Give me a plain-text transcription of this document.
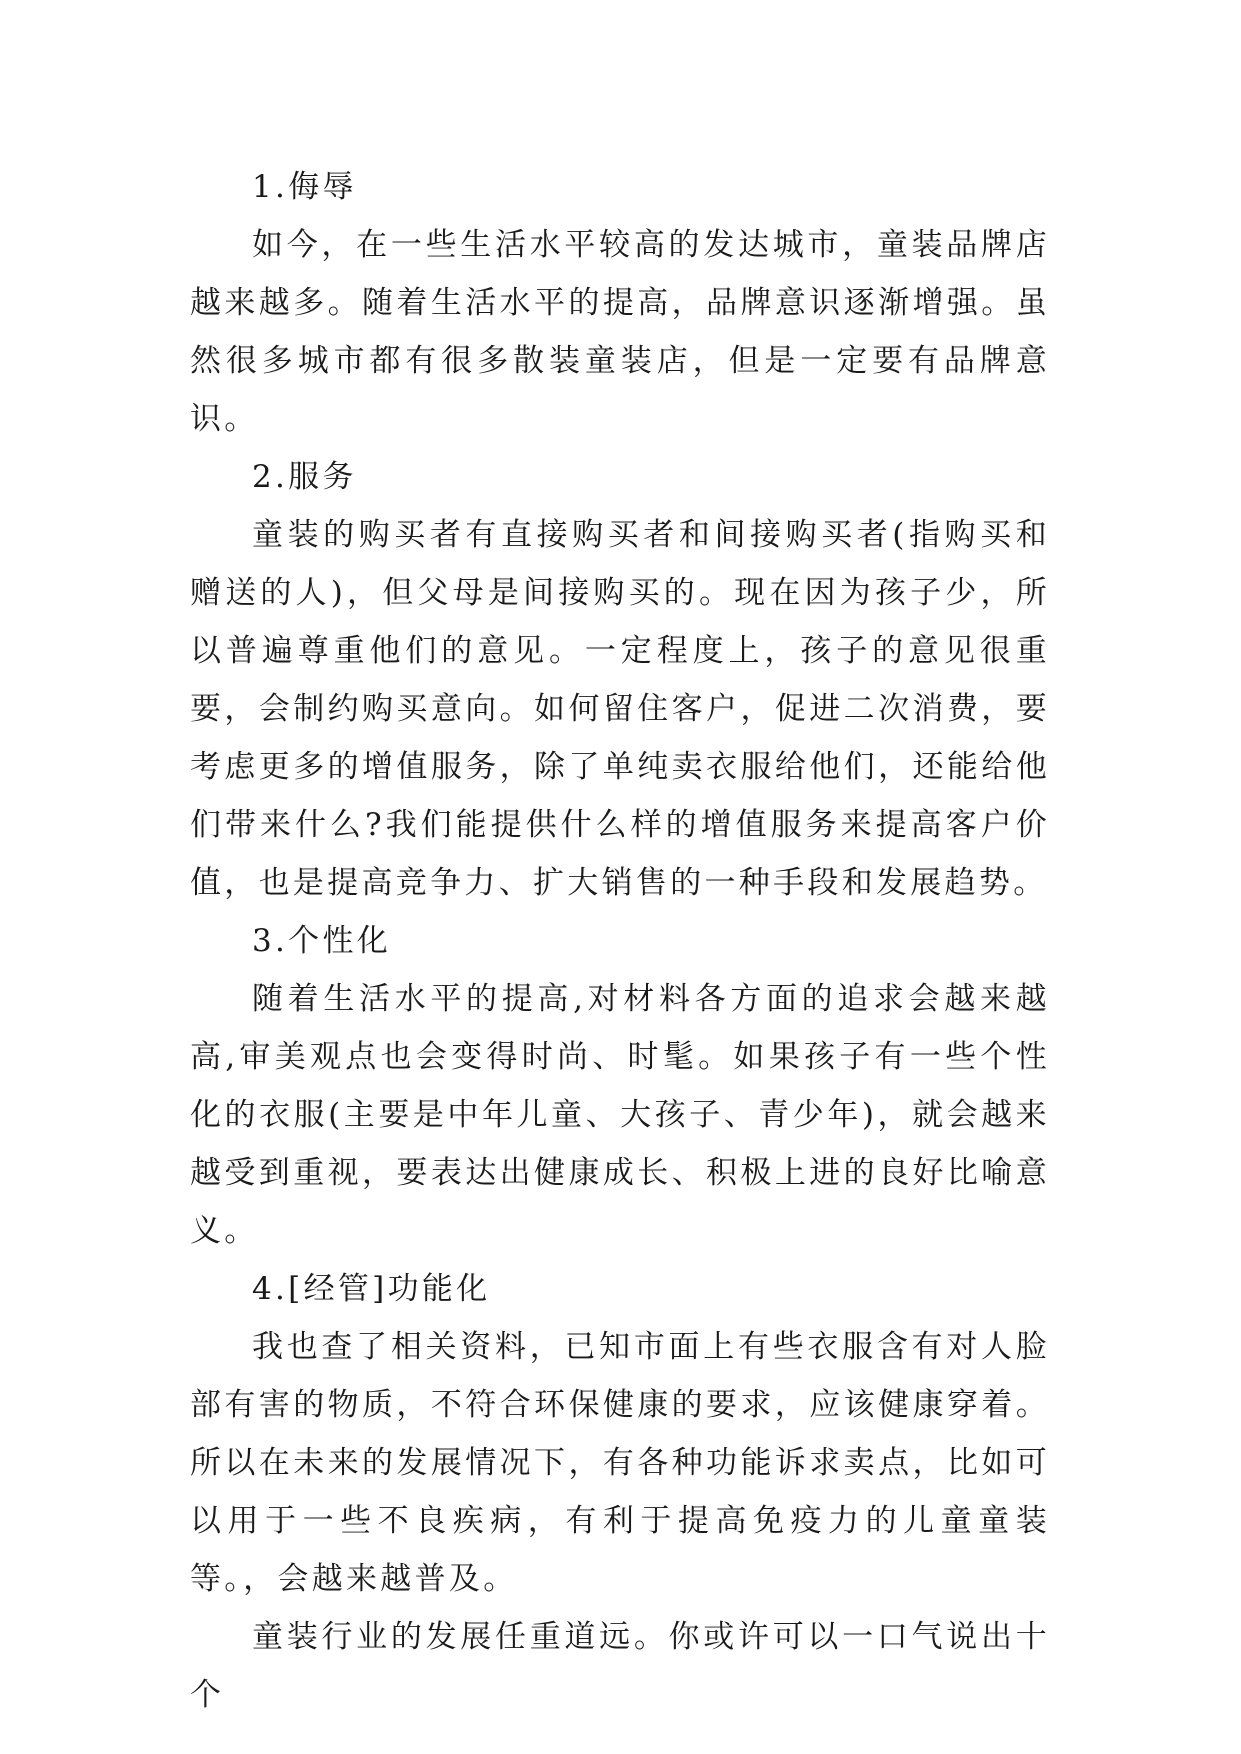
1.侮辱

如今，在一些生活水平较高的发达城市，童装品牌店越来越多。随着生活水平的提高，品牌意识逐渐增强。虽然很多城市都有很多散装童装店，但是一定要有品牌意识。

2.服务

童装的购买者有直接购买者和间接购买者(指购买和赠送的人)，但父母是间接购买的。现在因为孩子少，所以普遍尊重他们的意见。一定程度上，孩子的意见很重要，会制约购买意向。如何留住客户，促进二次消费，要考虑更多的增值服务，除了单纯卖衣服给他们，还能给他们带来什么?我们能提供什么样的增值服务来提高客户价值，也是提高竞争力、扩大销售的一种手段和发展趋势。

3.个性化

随着生活水平的提高,对材料各方面的追求会越来越高,审美观点也会变得时尚、时髦。如果孩子有一些个性化的衣服(主要是中年儿童、大孩子、青少年)，就会越来越受到重视，要表达出健康成长、积极上进的良好比喻意义。

4.[经管]功能化

我也查了相关资料，已知市面上有些衣服含有对人脸部有害的物质，不符合环保健康的要求，应该健康穿着。所以在未来的发展情况下，有各种功能诉求卖点，比如可以用于一些不良疾病，有利于提高免疫力的儿童童装等。，会越来越普及。

童装行业的发展任重道远。你或许可以一口气说出十个
